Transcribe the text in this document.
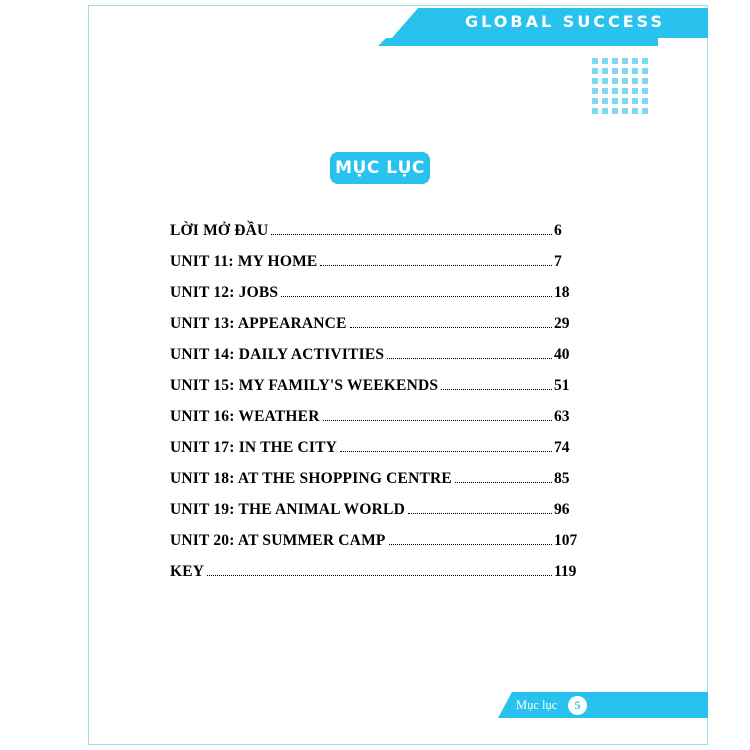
GLOBAL SUCCESS
MỤC LỤC
LỜI MỞ ĐẦU	6
UNIT 11: MY HOME	7
UNIT 12: JOBS	18
UNIT 13: APPEARANCE	29
UNIT 14: DAILY ACTIVITIES	40
UNIT 15: MY FAMILY'S WEEKENDS	51
UNIT 16: WEATHER	63
UNIT 17: IN THE CITY	74
UNIT 18: AT THE SHOPPING CENTRE	85
UNIT 19: THE ANIMAL WORLD	96
UNIT 20: AT SUMMER CAMP	107
KEY	119
Mục lục 5
